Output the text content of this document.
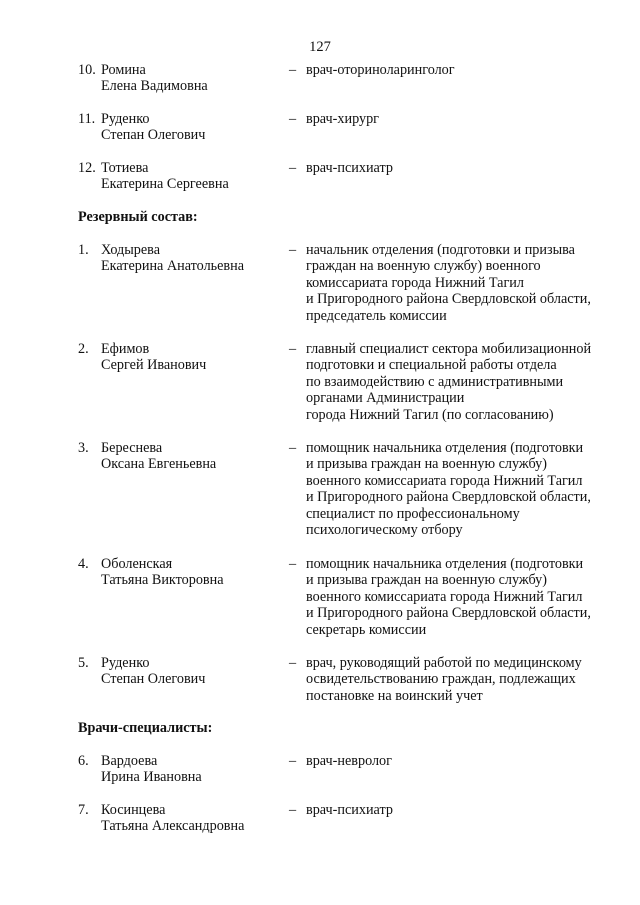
127
10. Ромина
Елена Вадимовна
– врач-оториноларинголог
11. Руденко
Степан Олегович
– врач-хирург
12. Тотиева
Екатерина Сергеевна
– врач-психиатр
Резервный состав:
1. Ходырева
Екатерина Анатольевна
– начальник отделения (подготовки и призыва
граждан на военную службу) военного
комиссариата города Нижний Тагил
и Пригородного района Свердловской области,
председатель комиссии
2. Ефимов
Сергей Иванович
– главный специалист сектора мобилизационной
подготовки и специальной работы отдела
по взаимодействию с административными
органами Администрации
города Нижний Тагил (по согласованию)
3. Береснева
Оксана Евгеньевна
– помощник начальника отделения (подготовки
и призыва граждан на военную службу)
военного комиссариата города Нижний Тагил
и Пригородного района Свердловской области,
специалист по профессиональному
психологическому отбору
4. Оболенская
Татьяна Викторовна
– помощник начальника отделения (подготовки
и призыва граждан на военную службу)
военного комиссариата города Нижний Тагил
и Пригородного района Свердловской области,
секретарь комиссии
5. Руденко
Степан Олегович
– врач, руководящий работой по медицинскому
освидетельствованию граждан, подлежащих
постановке на воинский учет
Врачи-специалисты:
6. Вардоева
Ирина Ивановна
– врач-невролог
7. Косинцева
Татьяна Александровна
– врач-психиатр
